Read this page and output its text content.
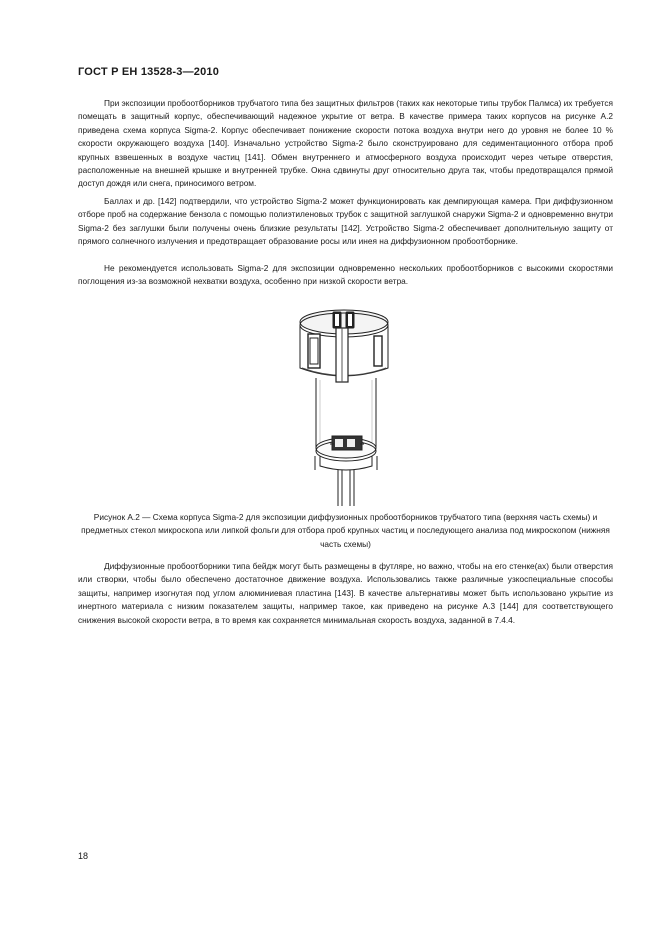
ГОСТ Р ЕН 13528-3—2010

При экспозиции пробоотборников трубчатого типа без защитных фильтров (таких как некоторые типы трубок Палмса) их требуется помещать в защитный корпус, обеспечивающий надежное укрытие от ветра. В качестве примера таких корпусов на рисунке А.2 приведена схема корпуса Sigma-2. Корпус обеспечивает понижение скорости потока воздуха внутри него до уровня не более 10 % скорости окружающего воздуха [140]. Изначально устройство Sigma-2 было сконструировано для седиментационного отбора проб крупных взвешенных в воздухе частиц [141]. Обмен внутреннего и атмосферного воздуха происходит через четыре отверстия, расположенные на внешней крышке и внутренней трубке. Окна сдвинуты друг относительно друга так, чтобы предотвращался прямой доступ дождя или снега, приносимого ветром.

Баллах и др. [142] подтвердили, что устройство Sigma-2 может функционировать как демпирующая камера. При диффузионном отборе проб на содержание бензола с помощью полиэтиленовых трубок с защитной заглушкой снаружи Sigma-2 и одновременно внутри Sigma-2 без заглушки были получены очень близкие результаты [142]. Устройство Sigma-2 обеспечивает дополнительную защиту от прямого солнечного излучения и предотвращает образование росы или инея на диффузионном пробоотборнике.

Не рекомендуется использовать Sigma-2 для экспозиции одновременно нескольких пробоотборников с высокими скоростями поглощения из-за возможной нехватки воздуха, особенно при низкой скорости ветра.

Рисунок А.2 — Схема корпуса Sigma-2 для экспозиции диффузионных пробоотборников трубчатого типа (верхняя часть схемы) и предметных стекол микроскопа или липкой фольги для отбора проб крупных частиц и последующего анализа под микроскопом (нижняя часть схемы)

Диффузионные пробоотборники типа бейдж могут быть размещены в футляре, но важно, чтобы на его стенке(ах) были отверстия или створки, чтобы было обеспечено достаточное движение воздуха. Использовались также различные узкоспециальные способы защиты, например изогнутая под углом алюминиевая пластина [143]. В качестве альтернативы может быть использовано укрытие из инертного материала с низким показателем защиты, например такое, как приведено на рисунке А.3 [144] для соответствующего снижения высокой скорости ветра, в то время как сохраняется минимальная скорость воздуха, заданной в 7.4.4.

18
